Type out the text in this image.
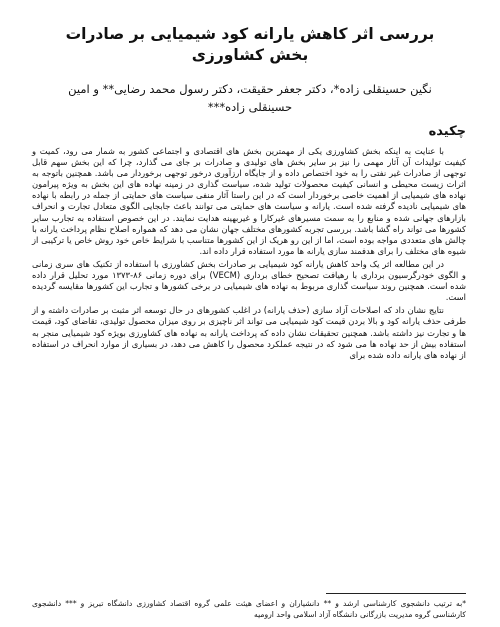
بررسی اثر کاهش یارانه کود شیمیایی بر صادرات بخش کشاورزی
نگین حسینقلی زاده*، دکتر جعفر حقیقت، دکتر رسول محمد رضایی** و امین حسینقلی زاده***
چکیده

با عنایت به اینکه بخش کشاورزی یکی از مهمترین بخش های اقتصادی و اجتماعی کشور به شمار می رود، کمیت و کیفیت تولیدات آن آثار مهمی را نیز بر سایر بخش های تولیدی و صادرات بر جای می گذارد، چرا که این بخش سهم قابل توجهی از صادرات غیر نفتی را به خود اختصاص داده و از جایگاه ارزآوری درخور توجهی برخوردار می باشد. همچنین باتوجه به اثرات زیست محیطی و انسانی کیفیت محصولات تولید شده، سیاست گذاری در زمینه نهاده های این بخش به ویژه پیرامون نهاده های شیمیایی از اهمیت خاصی برخوردار است که در این راستا آثار منفی سیاست های حمایتی از جمله در رابطه با نهاده های شیمیایی نادیده گرفته شده است. یارانه و سیاست های حمایتی می توانند باعث جابجایی الگوی متعادل تجارت و انحراف بازارهای جهانی شده و منابع را به سمت مسیرهای غیرکارا و غیربهینه هدایت نمایند. در این خصوص استفاده به تجارب سایر کشورها می تواند راه گشا باشد. بررسی تجربه کشورهای مختلف جهان نشان می دهد که همواره اصلاح نظام پرداخت یارانه با چالش های متعددی مواجه بوده است، اما از این رو هریک از این کشورها متناسب با شرایط خاص خود روش خاص یا ترکیبی از شیوه های مختلف را برای هدفمند سازی یارانه ها مورد استفاده قرار داده اند.

در این مطالعه اثر یک واحد کاهش یارانه کود شیمیایی بر صادرات بخش کشاورزی با استفاده از تکنیک های سری زمانی و الگوی خودرگرسیون برداری با رهیافت تصحیح خطای برداری (VECM) برای دوره زمانی ۸۶-۱۳۷۳ مورد تحلیل قرار داده شده است. همچنین روند سیاست گذاری مربوط به نهاده های شیمیایی در برخی کشورها و تجارب این کشورها مقایسه گردیده است.

نتایج نشان داد که اصلاحات آزاد سازی (حذف یارانه) در اغلب کشورهای در حال توسعه اثر مثبت بر صادرات داشته و از طرفی حذف یارانه کود و بالا بردن قیمت کود شیمیایی می تواند اثر ناچیزی بر روی میزان محصول تولیدی، تقاضای کود، قیمت ها و تجارت نیز داشته باشد. همچنین تحقیقات نشان داده که پرداخت یارانه به نهاده های کشاورزی بویژه کود شیمیایی منجر به استفاده بیش از حد نهاده ها می شود که در نتیجه عملکرد محصول را کاهش می دهد، در بسیاری از موارد انحراف در استفاده از نهاده های یارانه داده شده برای

*به ترتیب دانشجوی کارشناسی ارشد و ** دانشیاران و اعضای هیئت علمی گروه اقتصاد کشاورزی دانشگاه تبریز و *** دانشجوی کارشناسی گروه مدیریت بازرگانی دانشگاه آزاد اسلامی واحد ارومیه
